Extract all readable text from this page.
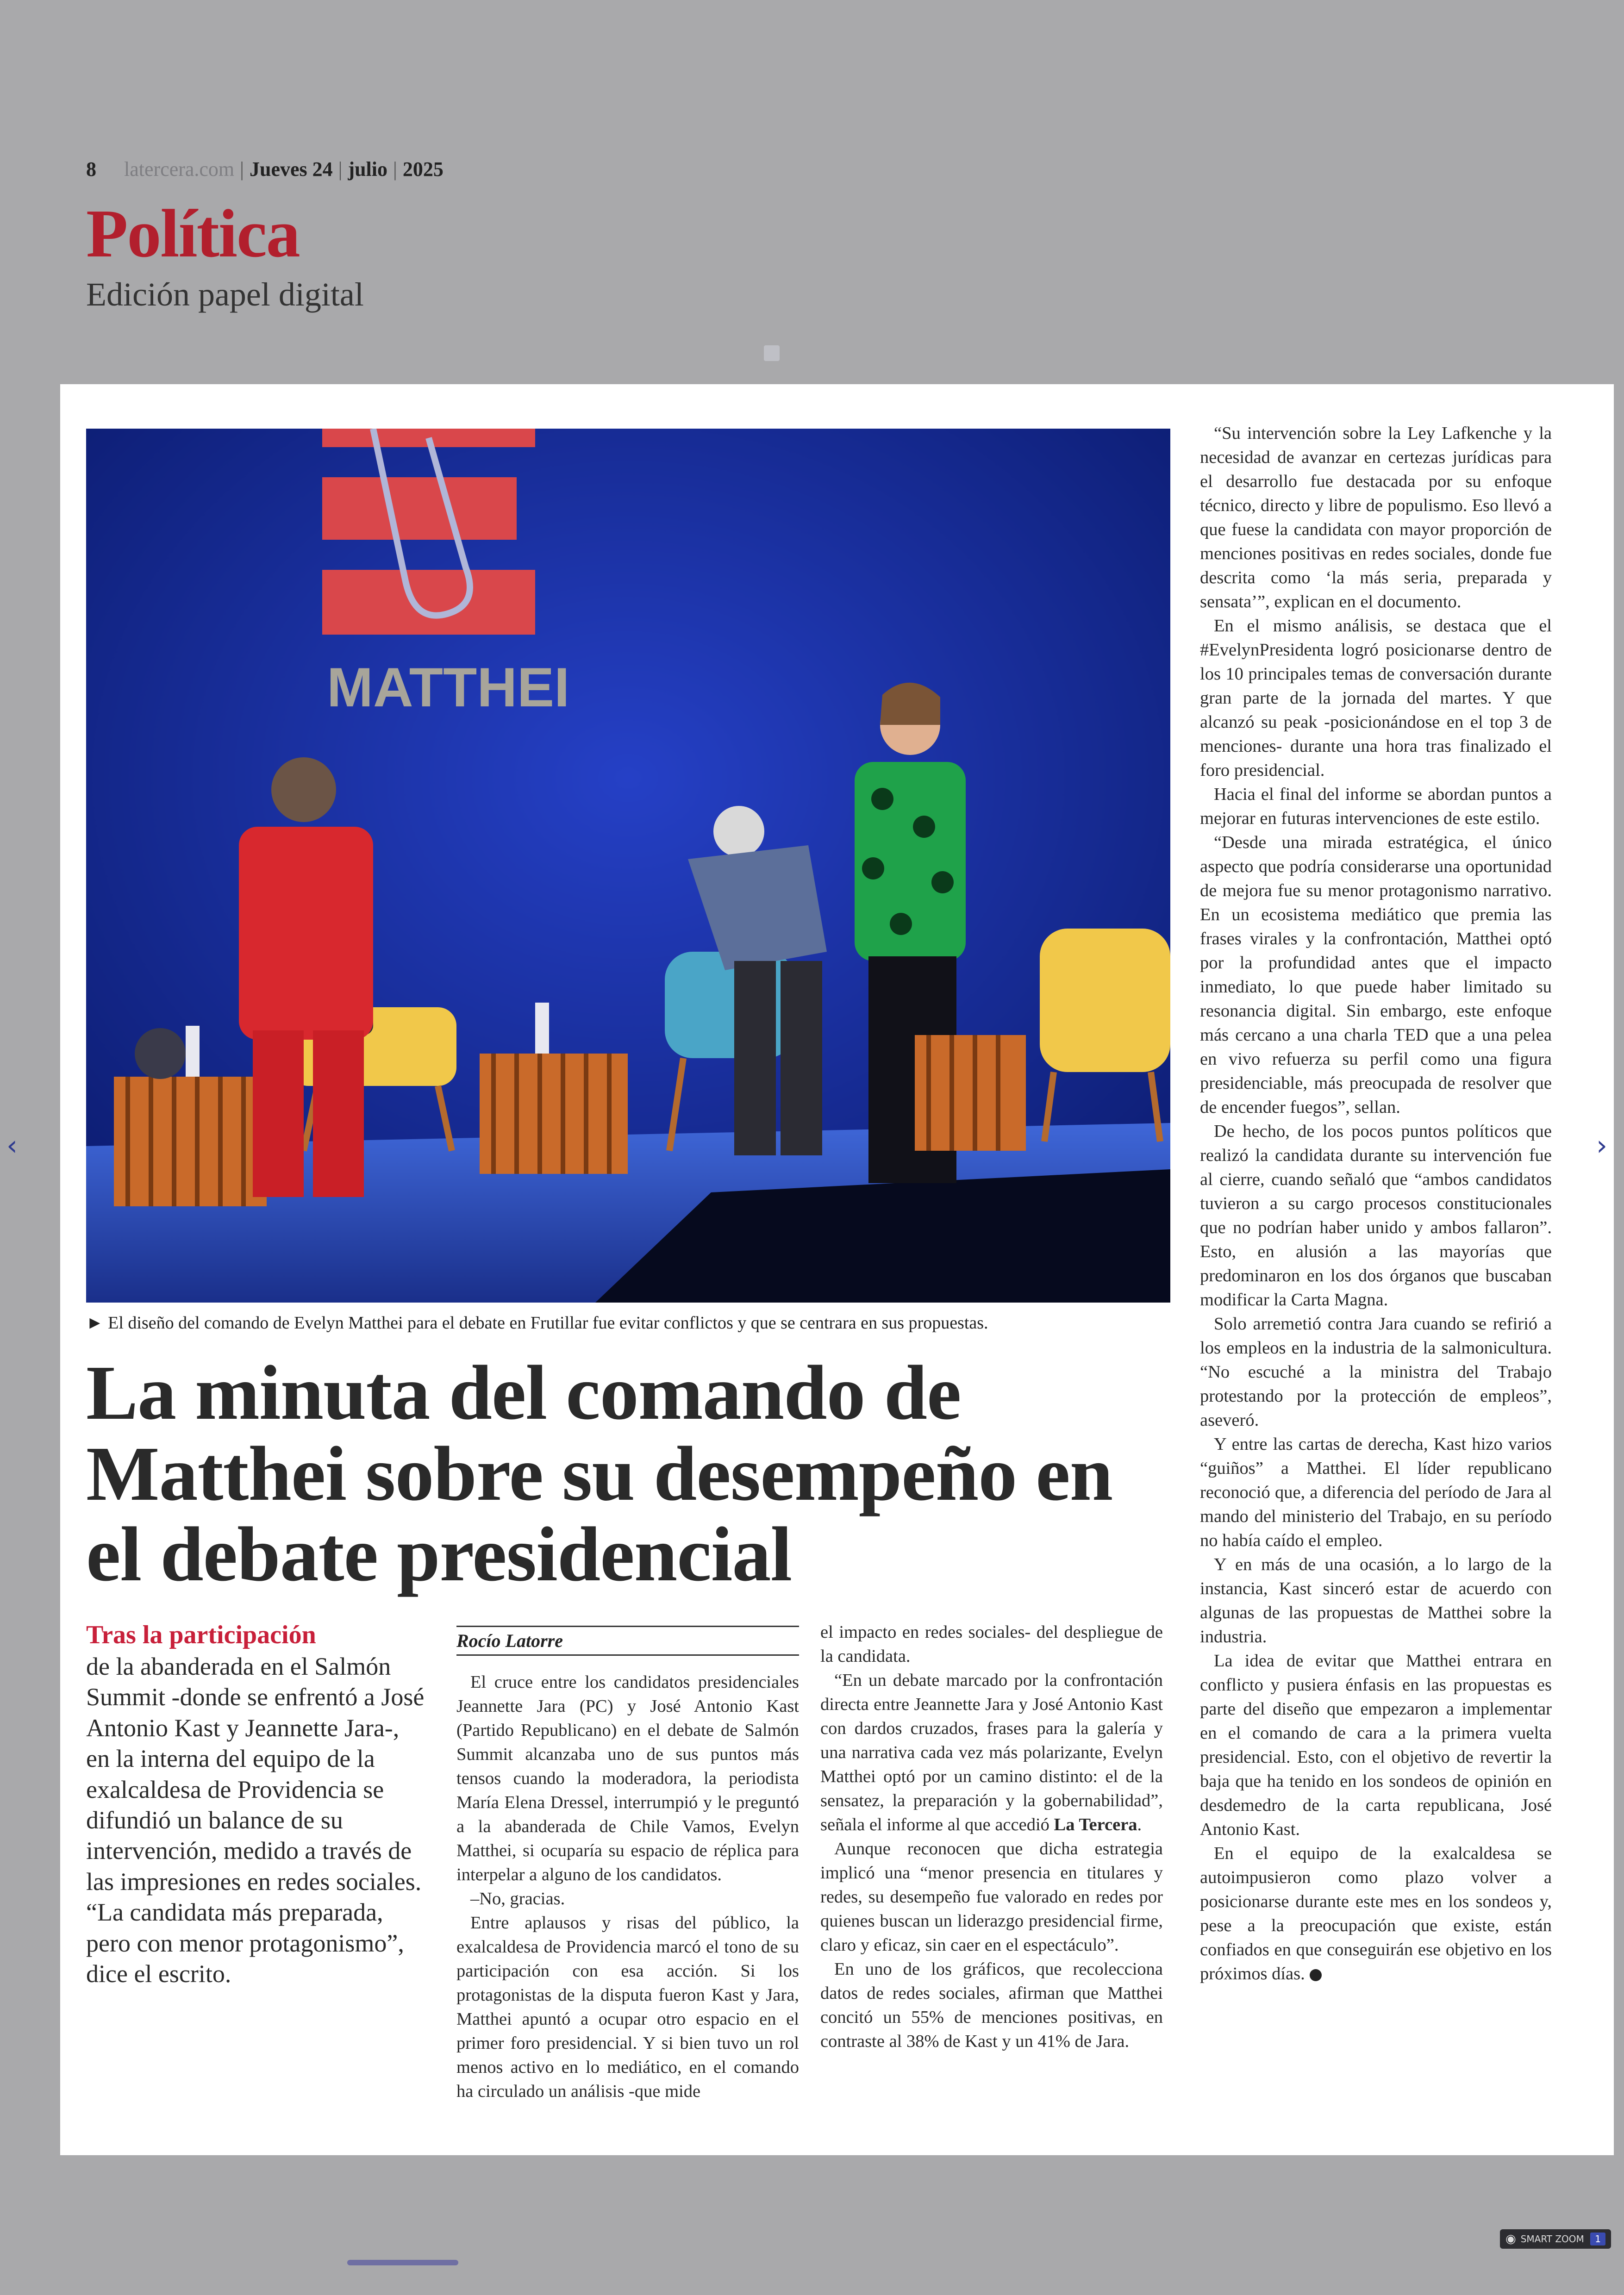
8 latercera.com | Jueves 24 | julio | 2025
Política
Edición papel digital
MATTHEI
► El diseño del comando de Evelyn Matthei para el debate en Frutillar fue evitar conflictos y que se centrara en sus propuestas.
La minuta del comando de Matthei sobre su desempeño en el debate presidencial
Tras la participación
de la abanderada en el Salmón Summit -donde se enfrentó a José Antonio Kast y Jeannette Jara-, en la interna del equipo de la exalcaldesa de Providencia se difundió un balance de su intervención, medido a través de las impresiones en redes sociales. “La candidata más preparada, pero con menor protagonismo”, dice el escrito.
Rocío Latorre

El cruce entre los candidatos presidenciales Jeannette Jara (PC) y José Antonio Kast (Partido Republicano) en el debate de Salmón Summit alcanzaba uno de sus puntos más tensos cuando la moderadora, la periodista María Elena Dressel, interrumpió y le preguntó a la abanderada de Chile Vamos, Evelyn Matthei, si ocuparía su espacio de réplica para interpelar a alguno de los candidatos.

–No, gracias.

Entre aplausos y risas del público, la exalcaldesa de Providencia marcó el tono de su participación con esa acción. Si los protagonistas de la disputa fueron Kast y Jara, Matthei apuntó a ocupar otro espacio en el primer foro presidencial. Y si bien tuvo un rol menos activo en lo mediático, en el comando ha circulado un análisis -que mide

el impacto en redes sociales- del despliegue de la candidata.

“En un debate marcado por la confrontación directa entre Jeannette Jara y José Antonio Kast con dardos cruzados, frases para la galería y una narrativa cada vez más polarizante, Evelyn Matthei optó por un camino distinto: el de la sensatez, la preparación y la gobernabilidad”, señala el informe al que accedió La Tercera.

Aunque reconocen que dicha estrategia implicó una “menor presencia en titulares y redes, su desempeño fue valorado en redes por quienes buscan un liderazgo presidencial firme, claro y eficaz, sin caer en el espectáculo”.

En uno de los gráficos, que recolecciona datos de redes sociales, afirman que Matthei concitó un 55% de menciones positivas, en contraste al 38% de Kast y un 41% de Jara.

“Su intervención sobre la Ley Lafkenche y la necesidad de avanzar en certezas jurídicas para el desarrollo fue destacada por su enfoque técnico, directo y libre de populismo. Eso llevó a que fuese la candidata con mayor proporción de menciones positivas en redes sociales, donde fue descrita como ‘la más seria, preparada y sensata’”, explican en el documento.

En el mismo análisis, se destaca que el #EvelynPresidenta logró posicionarse dentro de los 10 principales temas de conversación durante gran parte de la jornada del martes. Y que alcanzó su peak -posicionándose en el top 3 de menciones- durante una hora tras finalizado el foro presidencial.

Hacia el final del informe se abordan puntos a mejorar en futuras intervenciones de este estilo.

“Desde una mirada estratégica, el único aspecto que podría considerarse una oportunidad de mejora fue su menor protagonismo narrativo. En un ecosistema mediático que premia las frases virales y la confrontación, Matthei optó por la profundidad antes que el impacto inmediato, lo que puede haber limitado su resonancia digital. Sin embargo, este enfoque más cercano a una charla TED que a una pelea en vivo refuerza su perfil como una figura presidenciable, más preocupada de resolver que de encender fuegos”, sellan.

De hecho, de los pocos puntos políticos que realizó la candidata durante su intervención fue al cierre, cuando señaló que “ambos candidatos tuvieron a su cargo procesos constitucionales que no podrían haber unido y ambos fallaron”. Esto, en alusión a las mayorías que predominaron en los dos órganos que buscaban modificar la Carta Magna.

Solo arremetió contra Jara cuando se refirió a los empleos en la industria de la salmonicultura. “No escuché a la ministra del Trabajo protestando por la protección de empleos”, aseveró.

Y entre las cartas de derecha, Kast hizo varios “guiños” a Matthei. El líder republicano reconoció que, a diferencia del período de Jara al mando del ministerio del Trabajo, en su período no había caído el empleo.

Y en más de una ocasión, a lo largo de la instancia, Kast sinceró estar de acuerdo con algunas de las propuestas de Matthei sobre la industria.

La idea de evitar que Matthei entrara en conflicto y pusiera énfasis en las propuestas es parte del diseño que empezaron a implementar en el comando de cara a la primera vuelta presidencial. Esto, con el objetivo de revertir la baja que ha tenido en los sondeos de opinión en desdemedro de la carta republicana, José Antonio Kast.

En el equipo de la exalcaldesa se autoimpusieron como plazo volver a posicionarse durante este mes en los sondeos y, pese a la preocupación que existe, están confiados en que conseguirán ese objetivo en los próximos días.

‹	›
◉ SMART ZOOM	1
